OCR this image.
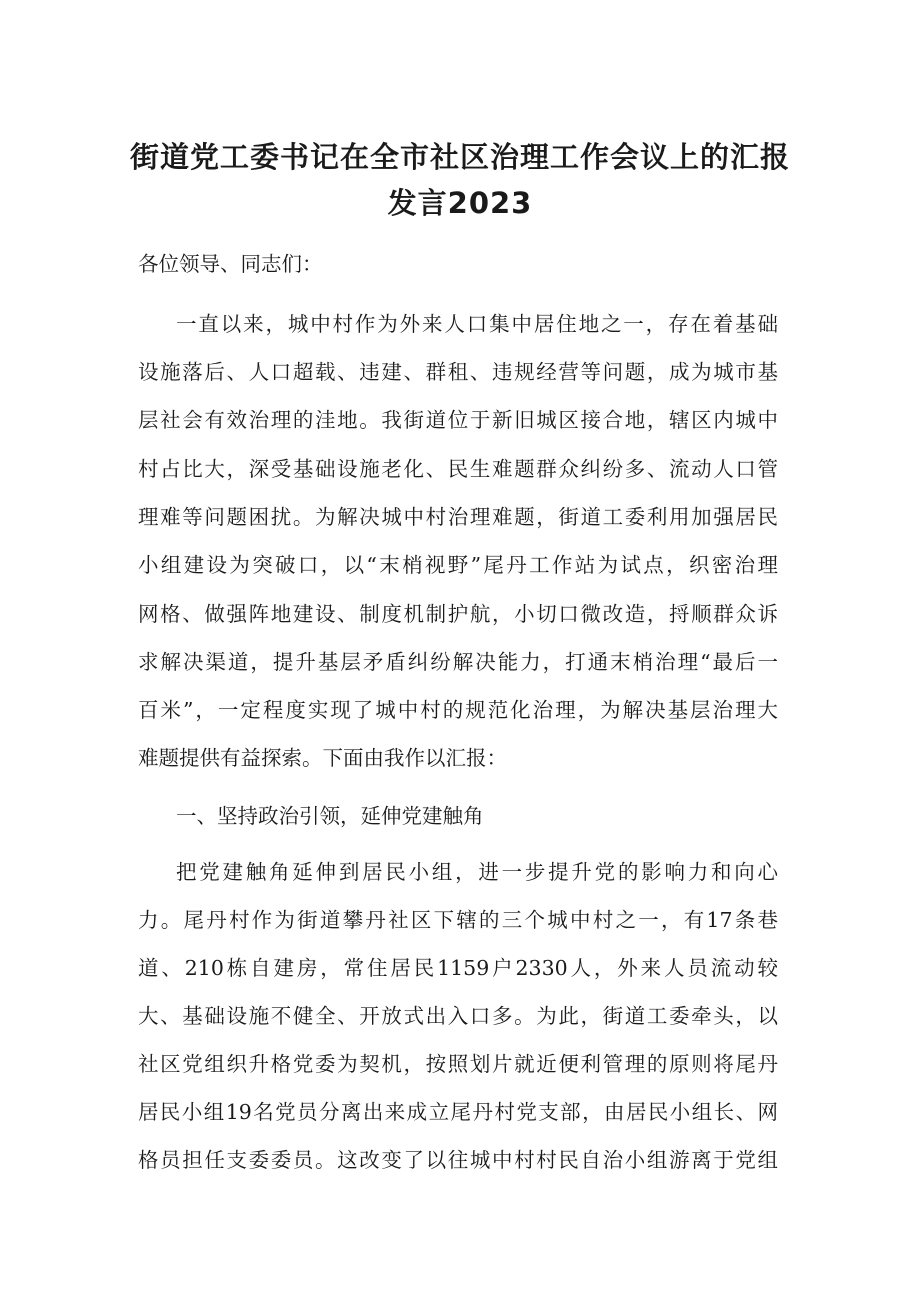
街道党工委书记在全市社区治理工作会议上的汇报
发言2023
各位领导、同志们：
一直以来，城中村作为外来人口集中居住地之一，存在着基础
设施落后、人口超载、违建、群租、违规经营等问题，成为城市基
层社会有效治理的洼地。我街道位于新旧城区接合地，辖区内城中
村占比大，深受基础设施老化、民生难题群众纠纷多、流动人口管
理难等问题困扰。为解决城中村治理难题，街道工委利用加强居民
小组建设为突破口，以“末梢视野”尾丹工作站为试点，织密治理
网格、做强阵地建设、制度机制护航，小切口微改造，捋顺群众诉
求解决渠道，提升基层矛盾纠纷解决能力，打通末梢治理“最后一
百米”，一定程度实现了城中村的规范化治理，为解决基层治理大
难题提供有益探索。下面由我作以汇报：
一、坚持政治引领，延伸党建触角
把党建触角延伸到居民小组，进一步提升党的影响力和向心
力。尾丹村作为街道攀丹社区下辖的三个城中村之一，有17条巷
道、210栋自建房，常住居民1159户2330人，外来人员流动较
大、基础设施不健全、开放式出入口多。为此，街道工委牵头，以
社区党组织升格党委为契机，按照划片就近便利管理的原则将尾丹
居民小组19名党员分离出来成立尾丹村党支部，由居民小组长、网
格员担任支委委员。这改变了以往城中村村民自治小组游离于党组
